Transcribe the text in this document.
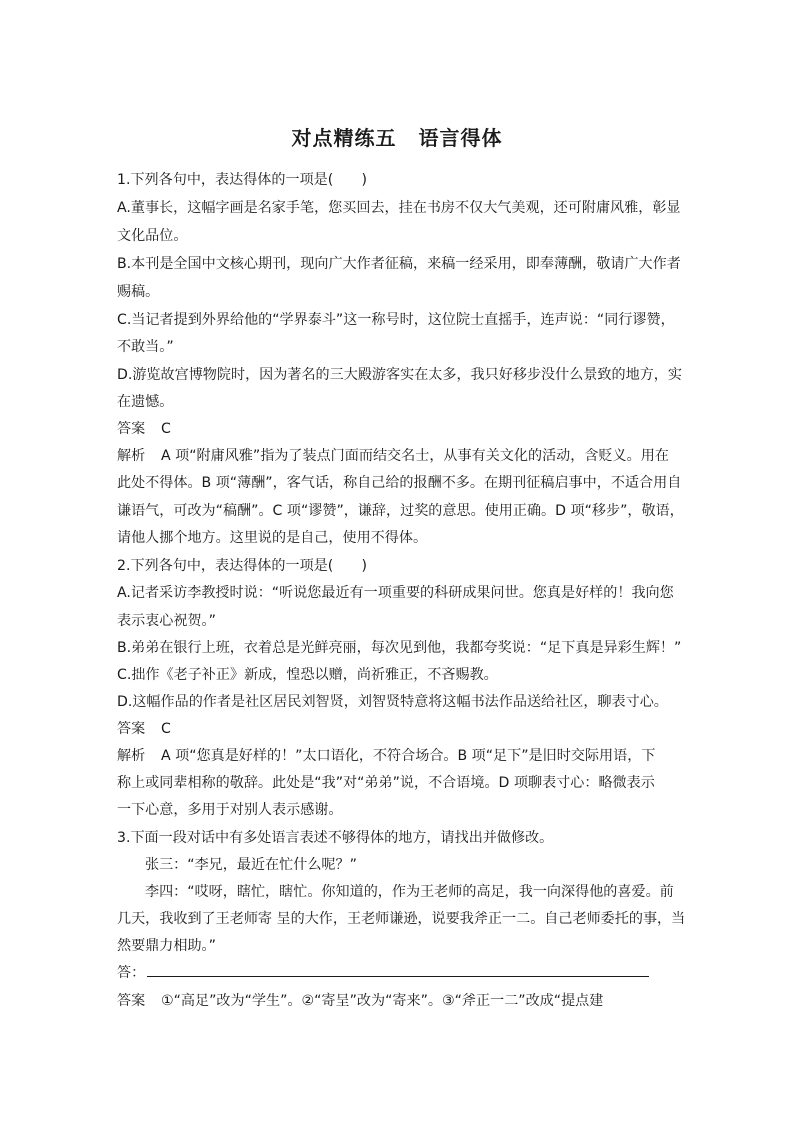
对点精练五 语言得体
1.下列各句中，表达得体的一项是(　　)
A.董事长，这幅字画是名家手笔，您买回去，挂在书房不仅大气美观，还可附庸风雅，彰显
文化品位。
B.本刊是全国中文核心期刊，现向广大作者征稿，来稿一经采用，即奉薄酬，敬请广大作者
赐稿。
C.当记者提到外界给他的“学界泰斗”这一称号时，这位院士直摇手，连声说：“同行谬赞，
不敢当。”
D.游览故宫博物院时，因为著名的三大殿游客实在太多，我只好移步没什么景致的地方，实
在遗憾。
答案 C
解析 A 项“附庸风雅”指为了装点门面而结交名士，从事有关文化的活动，含贬义。用在
此处不得体。B 项“薄酬”，客气话，称自己给的报酬不多。在期刊征稿启事中，不适合用自
谦语气，可改为“稿酬”。C 项“谬赞”，谦辞，过奖的意思。使用正确。D 项“移步”，敬语，
请他人挪个地方。这里说的是自己，使用不得体。
2.下列各句中，表达得体的一项是(　　)
A.记者采访李教授时说：“听说您最近有一项重要的科研成果问世。您真是好样的！我向您
表示衷心祝贺。”
B.弟弟在银行上班，衣着总是光鲜亮丽，每次见到他，我都夸奖说：“足下真是异彩生辉！”
C.拙作《老子补正》新成，惶恐以赠，尚祈雅正，不吝赐教。
D.这幅作品的作者是社区居民刘智贤，刘智贤特意将这幅书法作品送给社区，聊表寸心。
答案 C
解析 A 项“您真是好样的！”太口语化，不符合场合。B 项“足下”是旧时交际用语，下
称上或同辈相称的敬辞。此处是“我”对“弟弟”说，不合语境。D 项聊表寸心：略微表示
一下心意，多用于对别人表示感谢。
3.下面一段对话中有多处语言表述不够得体的地方，请找出并做修改。
张三：“李兄，最近在忙什么呢？”
李四：“哎呀，瞎忙，瞎忙。你知道的，作为王老师的高足，我一向深得他的喜爱。前
几天，我收到了王老师寄 呈的大作，王老师谦逊，说要我斧正一二。自己老师委托的事，当
然要鼎力相助。”
答：
答案 ①“高足”改为“学生”。②“寄呈”改为“寄来”。③“斧正一二”改成“提点建
